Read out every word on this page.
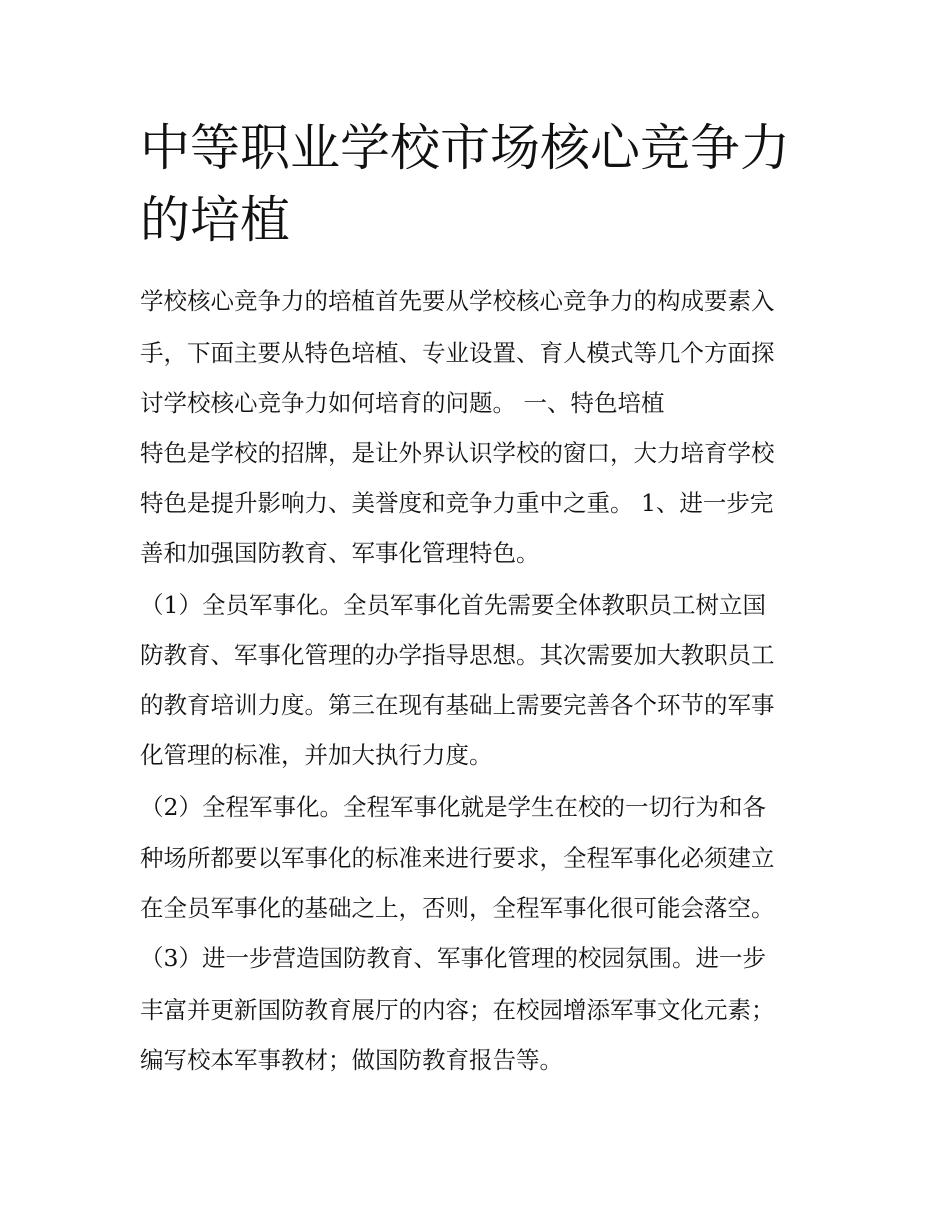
中等职业学校市场核心竞争力的培植

学校核心竞争力的培植首先要从学校核心竞争力的构成要素入

手，下面主要从特色培植、专业设置、育人模式等几个方面探

讨学校核心竞争力如何培育的问题。 一、特色培植

特色是学校的招牌，是让外界认识学校的窗口，大力培育学校

特色是提升影响力、美誉度和竞争力重中之重。 1、进一步完

善和加强国防教育、军事化管理特色。

（1）全员军事化。全员军事化首先需要全体教职员工树立国

防教育、军事化管理的办学指导思想。其次需要加大教职员工

的教育培训力度。第三在现有基础上需要完善各个环节的军事

化管理的标准，并加大执行力度。

（2）全程军事化。全程军事化就是学生在校的一切行为和各

种场所都要以军事化的标准来进行要求，全程军事化必须建立

在全员军事化的基础之上，否则，全程军事化很可能会落空。

（3）进一步营造国防教育、军事化管理的校园氛围。进一步

丰富并更新国防教育展厅的内容；在校园增添军事文化元素；

编写校本军事教材；做国防教育报告等。
